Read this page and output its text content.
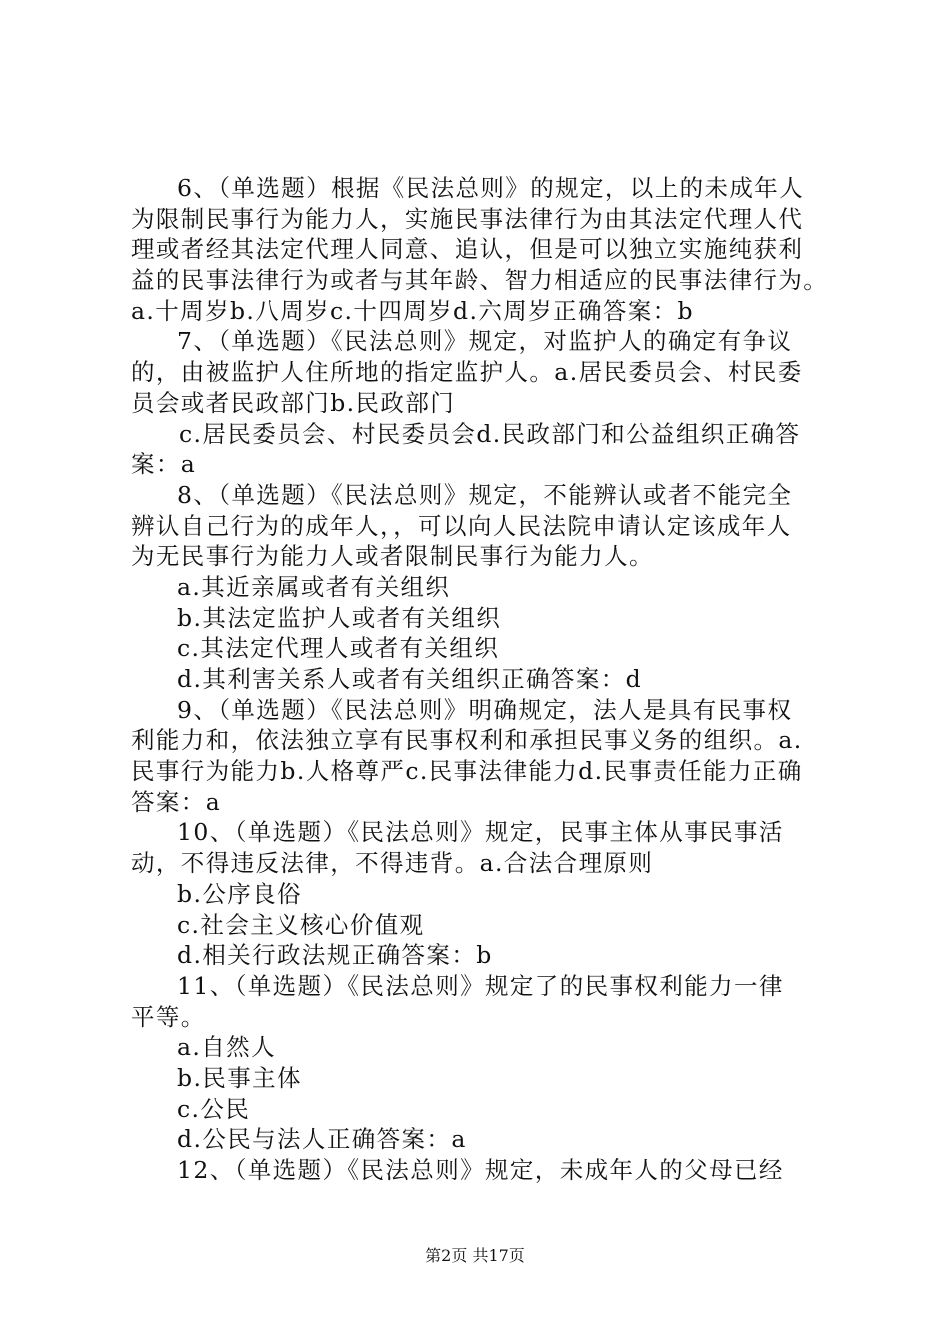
6、（单选题）根据《民法总则》的规定，以上的未成年人
为限制民事行为能力人，实施民事法律行为由其法定代理人代
理或者经其法定代理人同意、追认，但是可以独立实施纯获利
益的民事法律行为或者与其年龄、智力相适应的民事法律行为。
a.十周岁b.八周岁c.十四周岁d.六周岁正确答案：b
7、（单选题）《民法总则》规定，对监护人的确定有争议
的，由被监护人住所地的指定监护人。a.居民委员会、村民委
员会或者民政部门b.民政部门
c.居民委员会、村民委员会d.民政部门和公益组织正确答
案：a
8、（单选题）《民法总则》规定，不能辨认或者不能完全
辨认自己行为的成年人，，可以向人民法院申请认定该成年人
为无民事行为能力人或者限制民事行为能力人。
a.其近亲属或者有关组织
b.其法定监护人或者有关组织
c.其法定代理人或者有关组织
d.其利害关系人或者有关组织正确答案：d
9、（单选题）《民法总则》明确规定，法人是具有民事权
利能力和，依法独立享有民事权利和承担民事义务的组织。a.
民事行为能力b.人格尊严c.民事法律能力d.民事责任能力正确
答案：a
10、（单选题）《民法总则》规定，民事主体从事民事活
动，不得违反法律，不得违背。a.合法合理原则
b.公序良俗
c.社会主义核心价值观
d.相关行政法规正确答案：b
11、（单选题）《民法总则》规定了的民事权利能力一律
平等。
a.自然人
b.民事主体
c.公民
d.公民与法人正确答案：a
12、（单选题）《民法总则》规定，未成年人的父母已经
第2页 共17页
